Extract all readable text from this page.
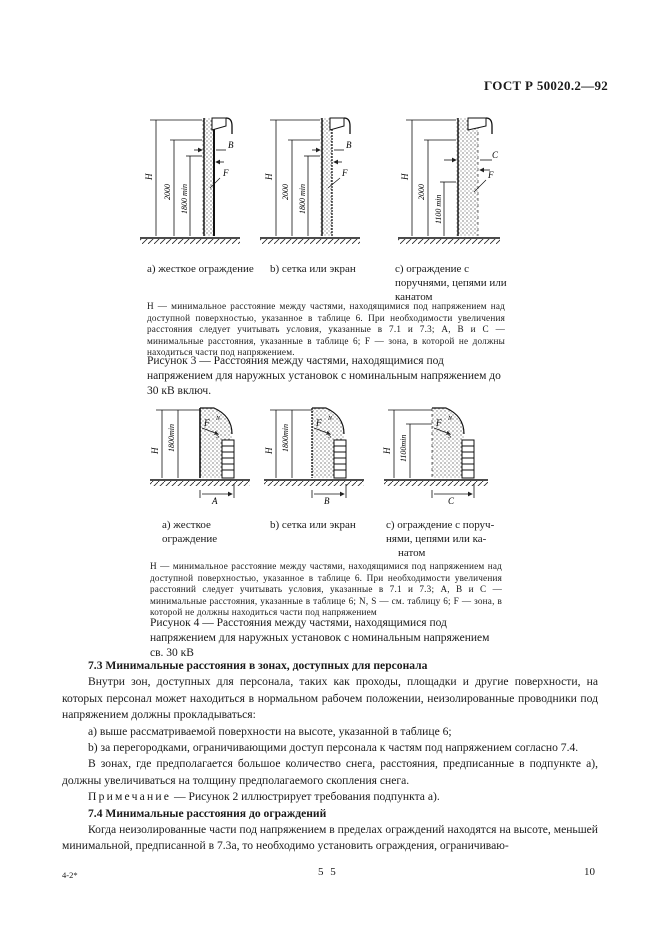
ГОСТ Р 50020.2—92
H
2000 1800 min
B
F	H
2000 1800 min
B
F	H
2000
1100 min
C
F
а) жесткое ограждение	b) сетка или экран	с) ограждение с поручнями, цепями или канатом
H — минимальное расстояние между частями, находящимися под напряжением над доступной поверхностью, указанное в таблице 6. При необходимости увеличения расстояния следует учитывать условия, указанные в 7.1 и 7.3; A, B и C — минимальные расстояния, указанные в таблице 6; F — зона, в которой не должны находиться части под напряжением.
Рисунок 3 — Расстояния между частями, находящимися под напряжением для наружных установок с номинальным напряжением до 30 кВ включ.
H 1800min
F N
S
A
H 1800min
F N
S
B
H 1100min
F N
S
C
а) жесткое
ограждение
b) сетка или экран	с) ограждение с поруч-
нями, цепями или ка-
натом
H — минимальное расстояние между частями, находящимися под напряжением над доступной поверхностью, указанное в таблице 6. При необходимости увеличения расстояний следует учитывать условия, указанные в 7.1 и 7.3; A, B и C — минимальные расстояния, указанные в таблице 6; N, S — см. таблицу 6; F — зона, в которой не должны находиться части под напряжением
Рисунок 4 — Расстояния между частями, находящимися под напряжением для наружных установок с номинальным напряжением св. 30 кВ

7.3 Минимальные расстояния в зонах, доступных для персонала

Внутри зон, доступных для персонала, таких как проходы, площадки и другие поверхности, на которых персонал может находиться в нормальном рабочем положении, неизолированные проводники под напряжением должны прокладываться:

а) выше рассматриваемой поверхности на высоте, указанной в таблице 6;

b) за перегородками, ограничивающими доступ персонала к частям под напряжением согласно 7.4.

В зонах, где предполагается большое количество снега, расстояния, предписанные в подпункте а), должны увеличиваться на толщину предполагаемого скопления снега.

Примечание — Рисунок 2 иллюстрирует требования подпункта а).

7.4 Минимальные расстояния до ограждений

Когда неизолированные части под напряжением в пределах ограждений находятся на высоте, меньшей минимальной, предписанной в 7.3а, то необходимо установить ограждения, ограничиваю-

4-2*	5 5	10
